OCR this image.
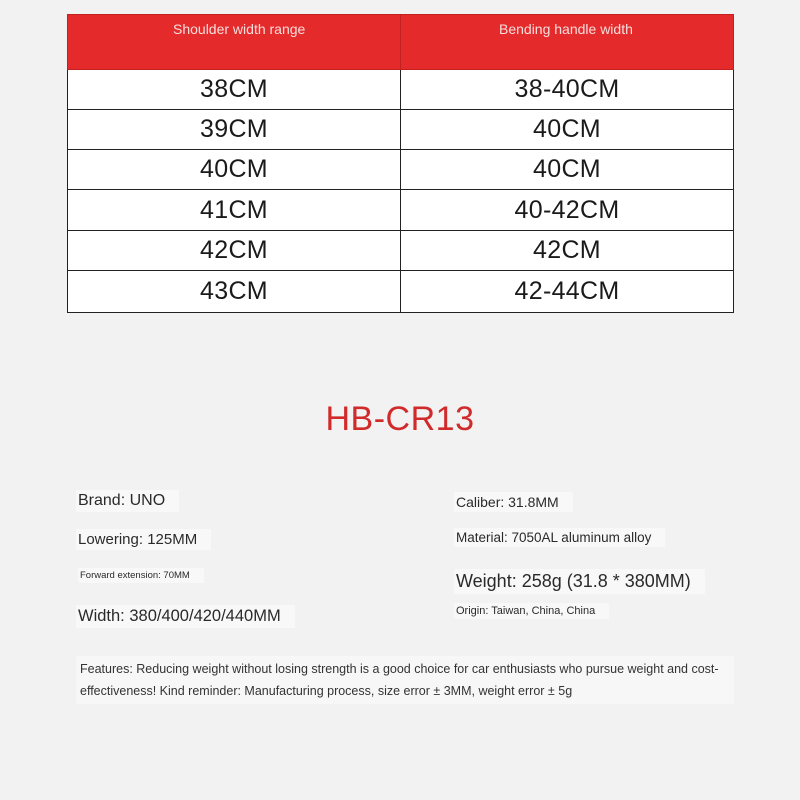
Shoulder width range	Bending handle width
38CM	38-40CM
39CM	40CM
40CM	40CM
41CM	40-42CM
42CM	42CM
43CM	42-44CM
HB-CR13
Brand: UNO	Caliber: 31.8MM
Lowering: 125MM	Material: 7050AL aluminum alloy
Forward extension: 70MM	Weight: 258g (31.8 * 380MM)
Origin: Taiwan, China, China
Width: 380/400/420/440MM
Features: Reducing weight without losing strength is a good choice for car enthusiasts who pursue weight and cost-effectiveness! Kind reminder: Manufacturing process, size error ± 3MM, weight error ± 5g
